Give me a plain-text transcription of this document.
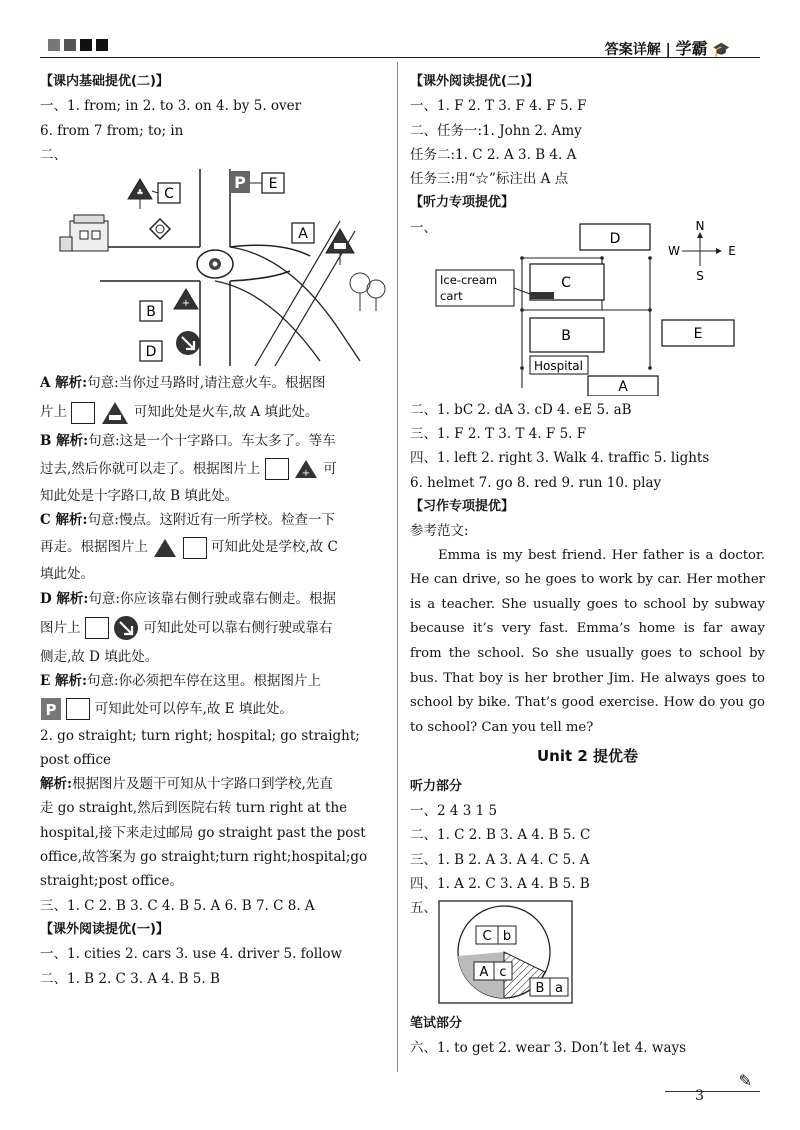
答案详解 | 学霸 🎓
【课内基础提优(二)】
一、1. from; in 2. to 3. on 4. by 5. over
6. from 7 from; to; in
二、
♣ C
P E
A
B
+
D
A 解析:句意:当你过马路时,请注意火车。根据图
片上	可知此处是火车,故 A 填此处。
B 解析:句意:这是一个十字路口。车太多了。等车
过去,然后你就可以走了。根据图片上	+ 可
知此处是十字路口,故 B 填此处。
C 解析:句意:慢点。这附近有一所学校。检查一下
再走。根据图片上	可知此处是学校,故 C
填此处。
D 解析:句意:你应该靠右侧行驶或靠右侧走。根据
图片上	可知此处可以靠右侧行驶或靠右
侧走,故 D 填此处。
E 解析:句意:你必须把车停在这里。根据图片上
P	可知此处可以停车,故 E 填此处。
2. go straight; turn right; hospital; go straight;
post office
解析:根据图片及题干可知从十字路口到学校,先直
走 go straight,然后到医院右转 turn right at the
hospital,接下来走过邮局 go straight past the post
office,故答案为 go straight;turn right;hospital;go
straight;post office。
三、1. C 2. B 3. C 4. B 5. A 6. B 7. C 8. A
【课外阅读提优(一)】
一、1. cities 2. cars 3. use 4. driver 5. follow
二、1. B 2. C 3. A 4. B 5. B
【课外阅读提优(二)】
一、1. F 2. T 3. F 4. F 5. F
二、任务一:1. John 2. Amy
任务二:1. C 2. A 3. B 4. A
任务三:用“☆”标注出 A 点
【听力专项提优】
一、
D
N
S
W	E
C
Ice-cream
cart
B
Hospital
E
A
二、1. bC 2. dA 3. cD 4. eE 5. aB
三、1. F 2. T 3. T 4. F 5. F
四、1. left 2. right 3. Walk 4. traffic 5. lights
6. helmet 7. go 8. red 9. run 10. play
【习作专项提优】
参考范文:
Emma is my best friend. Her father is a doctor. He can drive, so he goes to work by car. Her mother is a teacher. She usually goes to school by subway because it’s very fast. Emma’s home is far away from the school. So she usually goes to school by bus. That boy is her brother Jim. He always goes to school by bike. That’s good exercise. How do you go to school? Can you tell me?
Unit 2 提优卷
听力部分
一、2 4 3 1 5
二、1. C 2. B 3. A 4. B 5. C
三、1. B 2. A 3. A 4. C 5. A
四、1. A 2. C 3. A 4. B 5. B
五、
C b
A c
B a
笔试部分
六、1. to get 2. wear 3. Don’t let 4. ways
3
✎
